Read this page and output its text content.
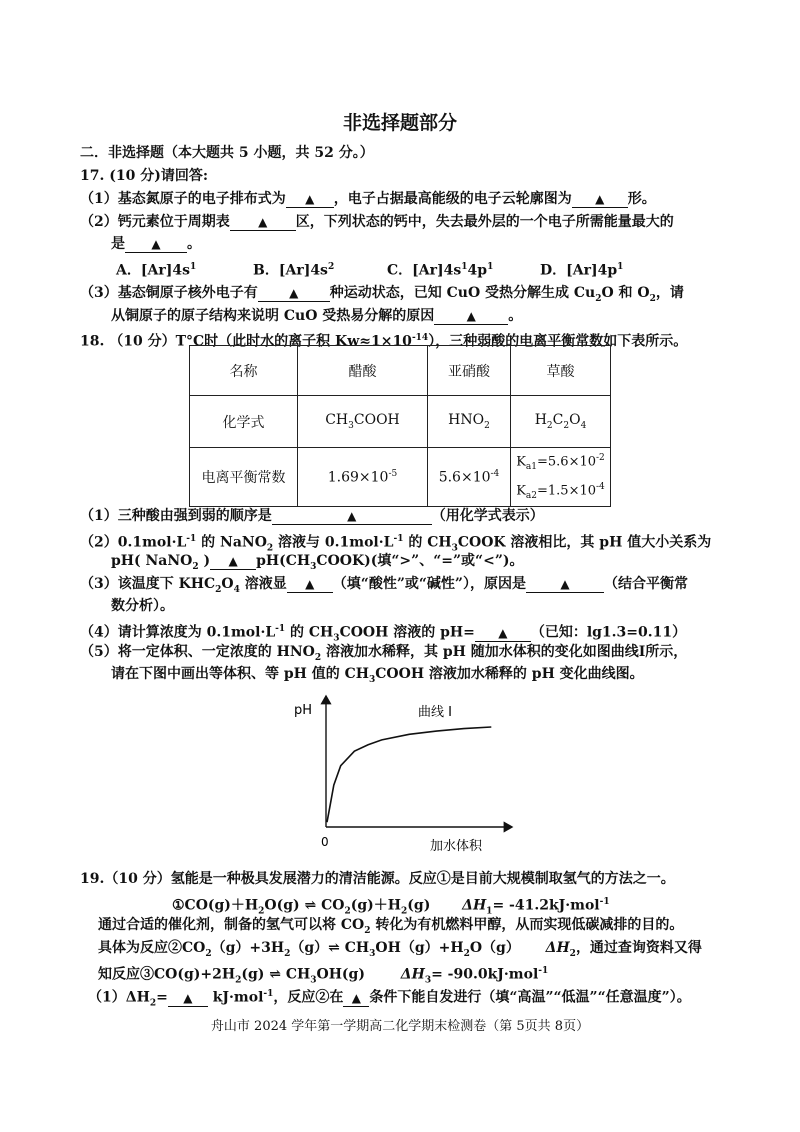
非选择题部分
二．非选择题（本大题共 5 小题，共 52 分。）
17. (10 分)请回答:
（1）基态氮原子的电子排布式为 ▲ ，电子占据最高能级的电子云轮廓图为 ▲ 形。
（2）钙元素位于周期表 ▲ 区，下列状态的钙中，失去最外层的一个电子所需能量最大的
是 ▲ 。
A．$[Ar]4s^1$	B．$[Ar]4s^2$	C．$[Ar]4s^14p^1$	D．$[Ar]4p^1$
（3）基态铜原子核外电子有	▲ 种运动状态，已知 CuO 受热分解生成 $Cu_2O$ 和 $O_2$，请
从铜原子的原子结构来说明 CuO 受热易分解的原因	▲ 。
18. （10 分）T°C时（此时水的离子积 $Kw\approx 1\times 10^{-14}$），三种弱酸的电离平衡常数如下表所示。
名称	醋酸	亚硝酸	草酸
化学式	$CH_3COOH$	$HNO_2$	$H_2C_2O_4$
电离平衡常数	$1.69\times 10^{-5}$	$5.6\times 10^{-4}$	$K_{a1}=5.6\times 10^{-2}$
$K_{a2}=1.5\times 10^{-4}$
（1）三种酸由强到弱的顺序是	▲	（用化学式表示）
$(2)0.1mol\cdot L^{-1}$ 的 NaNO$_2$ 溶液与 $0.1mol\cdot L^{-1}$ 的 $CH_3COOK$ 溶液相比，其 pH 值大小关系为
pH( NaNO$_2$ ) ▲ $pH(CH_3COOK)$(填“>”、“=”或“<”)。
（3）该温度下 $KHC_2O_4$ 溶液显 ▲ （填“酸性”或“碱性”），原因是	▲ （结合平衡常
数分析）。
（4）请计算浓度为 $0.1mol\cdot L^{-1}$ 的 $CH_3COOH$ 溶液的 pH= ▲ （已知：lg1.3=0.11）
（5）将一定体积、一定浓度的 $HNO_2$ 溶液加水稀释，其 pH 随加水体积的变化如图曲线Ⅰ所示，
请在下图中画出等体积、等 pH 值的 $CH_3COOH$ 溶液加水稀释的 pH 变化曲线图。
pH
0	加水体积
曲线 I
19.（10 分）氢能是一种极具发展潜力的清洁能源。反应①是目前大规模制取氢气的方法之一。
$①CO(g)+H_2O(g)$ ⇌ $CO_2(g)+H_2(g)$ $\Delta H_1= -41.2kJ\cdot mol^{-1}$
通过合适的催化剂，制备的氢气可以将 $CO_2$ 转化为有机燃料甲醇，从而实现低碳减排的目的。
具体为反应$②CO_2(g)+3H_2(g)\rightleftharpoons$ $CH_3OH(g)+H_2O(g)$ $\Delta H_2$，通过查询资料又得
知反应$③CO(g)+2H_2(g)$ ⇌ $CH_3OH(g)$	$\Delta H_3= -90.0kJ\cdot mol^{-1}$
$(1)\Delta H_2=$ ▲ kJ·mol$^{-1}$，反应②在 ▲ 条件下能自发进行（填“高温”“低温”“任意温度”）。
舟山市 2024 学年第一学期高二化学期末检测卷（第 5页共 8页）
